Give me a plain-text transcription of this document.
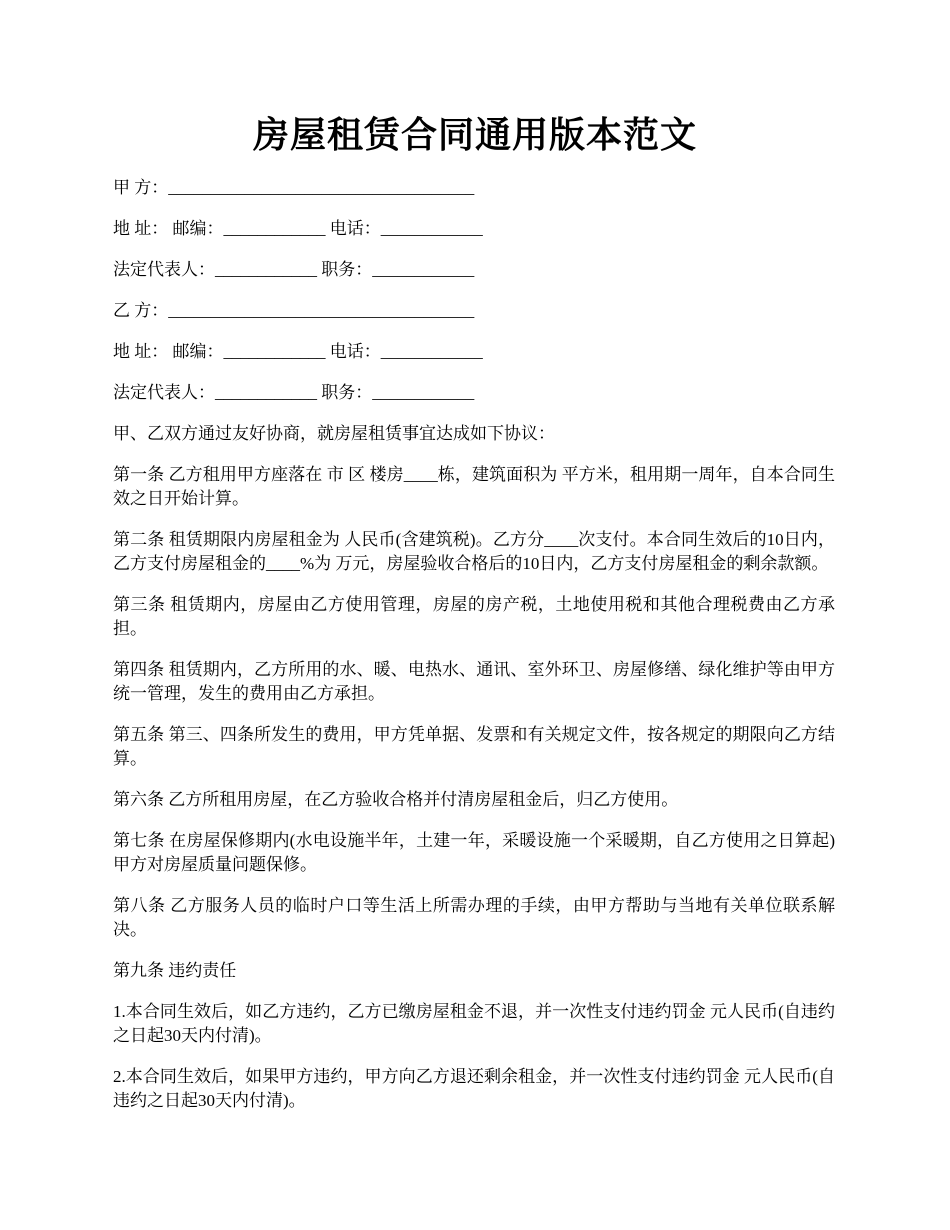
房屋租赁合同通用版本范文
甲 方：____________________________________
地 址： 邮编：____________ 电话：____________
法定代表人：____________ 职务：____________
乙 方：____________________________________
地 址： 邮编：____________ 电话：____________
法定代表人：____________ 职务：____________

甲、乙双方通过友好协商，就房屋租赁事宜达成如下协议：

第一条 乙方租用甲方座落在 市 区 楼房____栋，建筑面积为 平方米，租用期一周年，自本合同生效之日开始计算。

第二条 租赁期限内房屋租金为 人民币(含建筑税)。乙方分____次支付。本合同生效后的10日内，乙方支付房屋租金的____%为 万元，房屋验收合格后的10日内，乙方支付房屋租金的剩余款额。

第三条 租赁期内，房屋由乙方使用管理，房屋的房产税，土地使用税和其他合理税费由乙方承担。

第四条 租赁期内，乙方所用的水、暖、电热水、通讯、室外环卫、房屋修缮、绿化维护等由甲方统一管理，发生的费用由乙方承担。

第五条 第三、四条所发生的费用，甲方凭单据、发票和有关规定文件，按各规定的期限向乙方结算。

第六条 乙方所租用房屋，在乙方验收合格并付清房屋租金后，归乙方使用。

第七条 在房屋保修期内(水电设施半年，土建一年，采暖设施一个采暖期，自乙方使用之日算起)甲方对房屋质量问题保修。

第八条 乙方服务人员的临时户口等生活上所需办理的手续，由甲方帮助与当地有关单位联系解决。

第九条 违约责任

1.本合同生效后，如乙方违约，乙方已缴房屋租金不退，并一次性支付违约罚金 元人民币(自违约之日起30天内付清)。

2.本合同生效后，如果甲方违约，甲方向乙方退还剩余租金，并一次性支付违约罚金 元人民币(自违约之日起30天内付清)。
